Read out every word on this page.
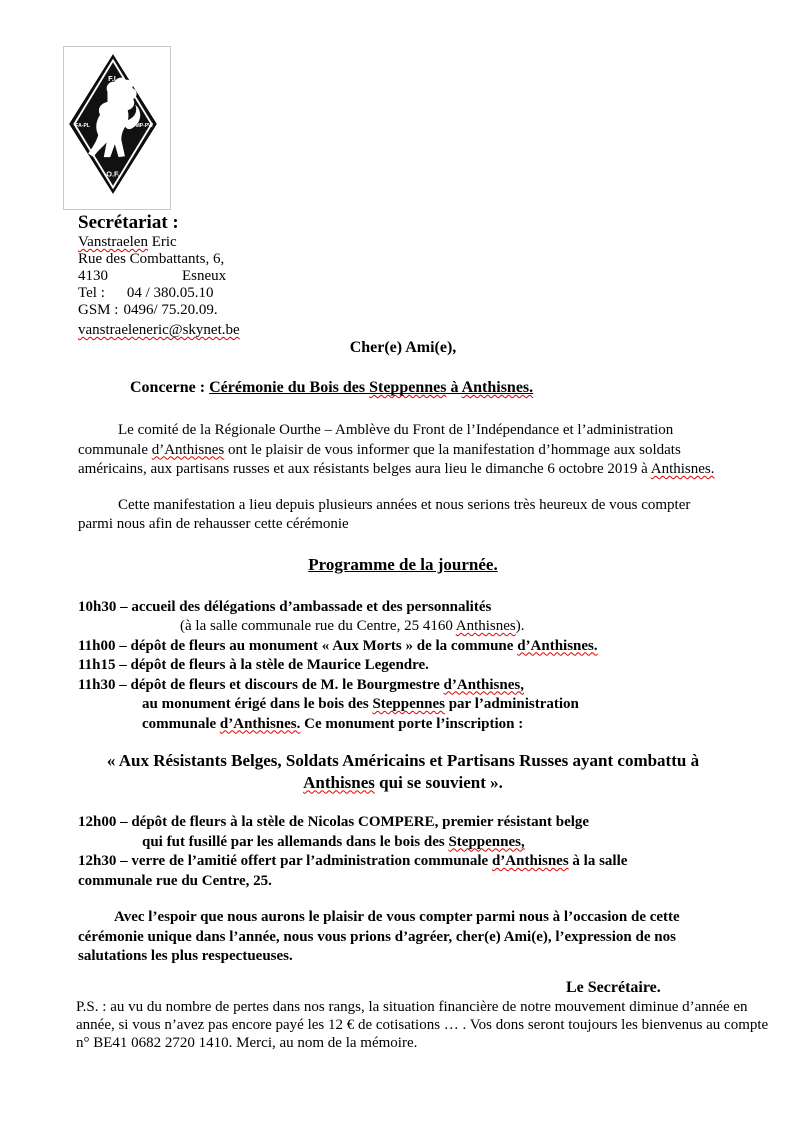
F.I.
FA-PL	MP-PW
O.F.
Secrétariat :
Vanstraelen Eric
Rue des Combattants, 6,
4130	Esneux
Tel : 04 / 380.05.10
GSM : 0496/ 75.20.09.
vanstraeleneric@skynet.be
Cher(e) Ami(e),
Concerne : Cérémonie du Bois des Steppennes à Anthisnes.

Le comité de la Régionale Ourthe – Amblève du Front de l’Indépendance et l’administration communale d’Anthisnes ont le plaisir de vous informer que la manifestation d’hommage aux soldats américains, aux partisans russes et aux résistants belges aura lieu le dimanche 6 octobre 2019 à Anthisnes.

Cette manifestation a lieu depuis plusieurs années et nous serions très heureux de vous compter parmi nous afin de rehausser cette cérémonie

Programme de la journée.
10h30 – accueil des délégations d’ambassade et des personnalités
(à la salle communale rue du Centre, 25 4160 Anthisnes).
11h00 – dépôt de fleurs au monument « Aux Morts » de la commune d’Anthisnes.
11h15 – dépôt de fleurs à la stèle de Maurice Legendre.
11h30 – dépôt de fleurs et discours de M. le Bourgmestre d’Anthisnes,
au monument érigé dans le bois des Steppennes par l’administration
communale d’Anthisnes. Ce monument porte l’inscription :
« Aux Résistants Belges, Soldats Américains et Partisans Russes ayant combattu à Anthisnes qui se souvient ».
12h00 – dépôt de fleurs à la stèle de Nicolas COMPERE, premier résistant belge
qui fut fusillé par les allemands dans le bois des Steppennes,
12h30 – verre de l’amitié offert par l’administration communale d’Anthisnes à la salle
communale rue du Centre, 25.

Avec l’espoir que nous aurons le plaisir de vous compter parmi nous à l’occasion de cette cérémonie unique dans l’année, nous vous prions d’agréer, cher(e) Ami(e), l’expression de nos salutations les plus respectueuses.

Le Secrétaire.

P.S. : au vu du nombre de pertes dans nos rangs, la situation financière de notre mouvement diminue d’année en année, si vous n’avez pas encore payé les 12 € de cotisations … . Vos dons seront toujours les bienvenus au compte n° BE41 0682 2720 1410. Merci, au nom de la mémoire.
